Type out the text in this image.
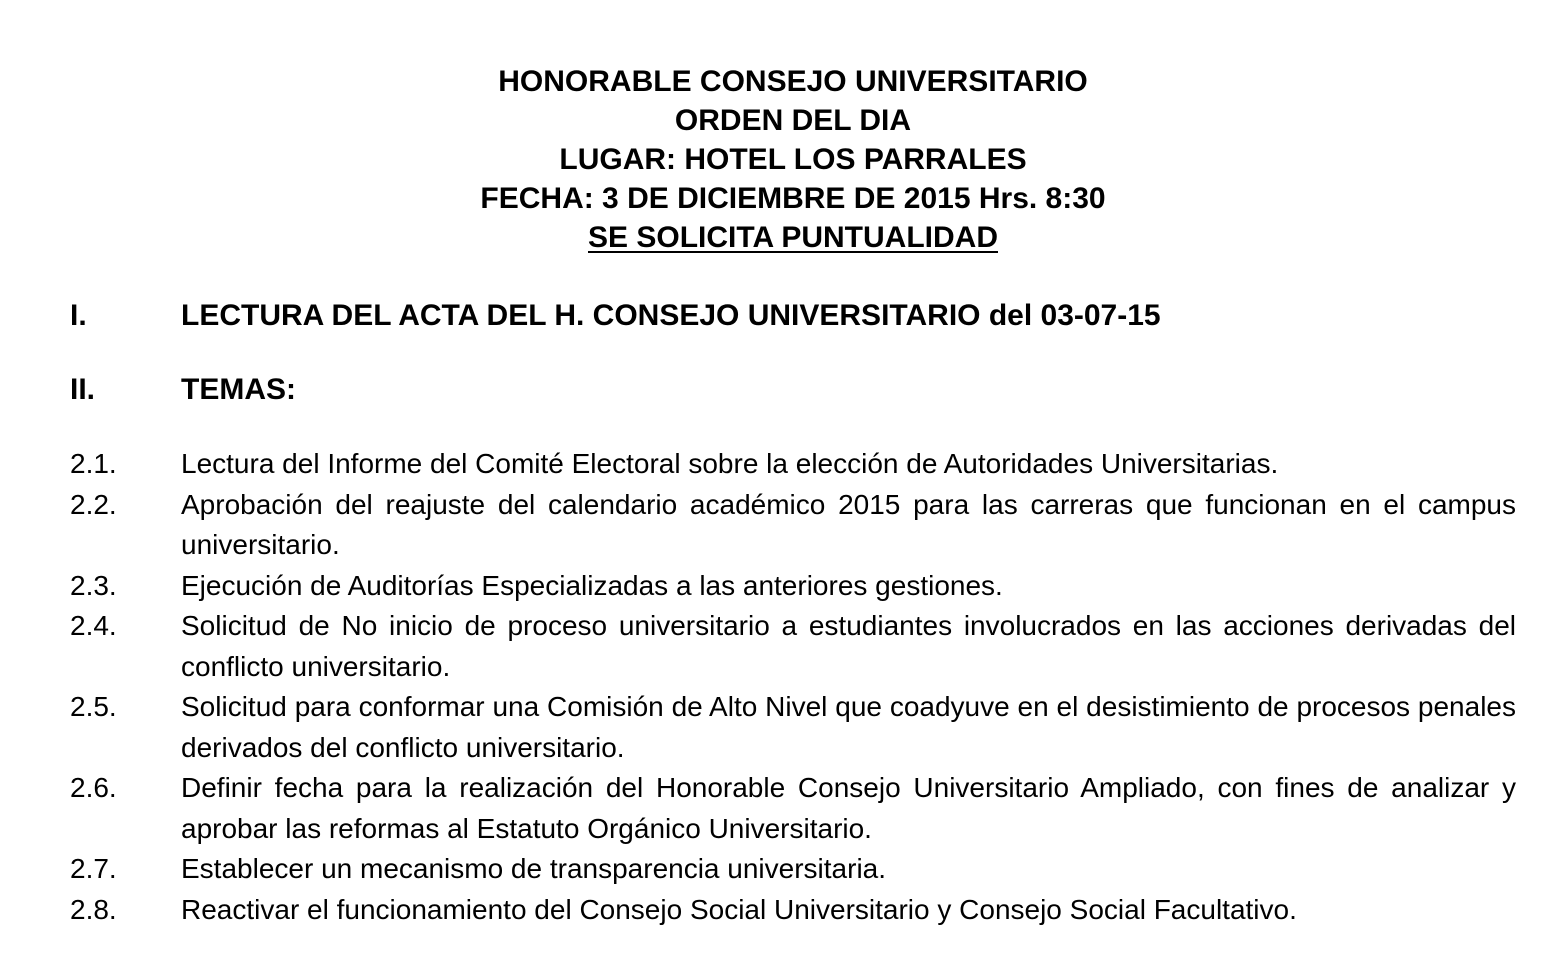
HONORABLE CONSEJO UNIVERSITARIO
ORDEN DEL DIA
LUGAR: HOTEL LOS PARRALES
FECHA: 3 DE DICIEMBRE DE 2015 Hrs. 8:30
SE SOLICITA PUNTUALIDAD
I.	LECTURA DEL ACTA DEL H. CONSEJO UNIVERSITARIO del 03-07-15
II.	TEMAS:
2.1.	Lectura del Informe del Comité Electoral sobre la elección de Autoridades Universitarias.
2.2.	Aprobación del reajuste del calendario académico 2015 para las carreras que funcionan en el campus universitario.
2.3.	Ejecución de Auditorías Especializadas a las anteriores gestiones.
2.4.	Solicitud de No inicio de proceso universitario a estudiantes involucrados en las acciones derivadas del conflicto universitario.
2.5.	Solicitud para conformar una Comisión de Alto Nivel que coadyuve en el desistimiento de procesos penales derivados del conflicto universitario.
2.6.	Definir fecha para la realización del Honorable Consejo Universitario Ampliado, con fines de analizar y aprobar las reformas al Estatuto Orgánico Universitario.
2.7.	Establecer un mecanismo de transparencia universitaria.
2.8.	Reactivar el funcionamiento del Consejo Social Universitario y Consejo Social Facultativo.
